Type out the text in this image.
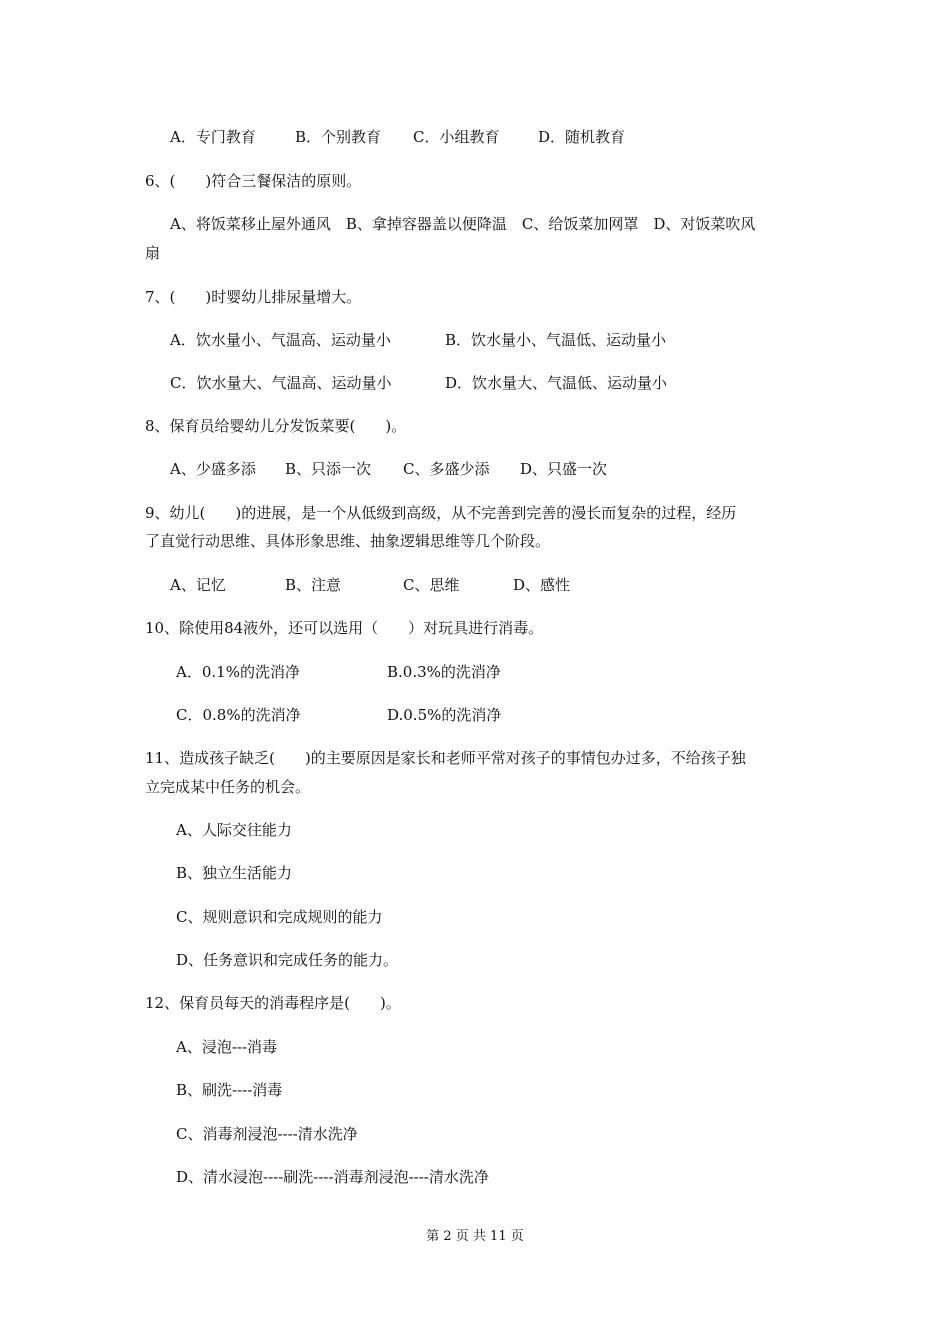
A．专门教育	B．个别教育 C．小组教育	D．随机教育
6、(　　)符合三餐保洁的原则。
A、将饭菜移止屋外通风　B、拿掉容器盖以便降温　C、给饭菜加网罩　D、对饭菜吹风
扇
7、(　　)时婴幼儿排尿量增大。
A．饮水量小、气温高、运动量小	B．饮水量小、气温低、运动量小
C．饮水量大、气温高、运动量小	D．饮水量大、气温低、运动量小
8、保育员给婴幼儿分发饭菜要(　　)。
A、少盛多添 B、只添一次 C、多盛少添 D、只盛一次
9、幼儿(　　)的进展，是一个从低级到高级，从不完善到完善的漫长而复杂的过程，经历
了直觉行动思维、具体形象思维、抽象逻辑思维等几个阶段。
A、记忆	B、注意	C、思维	D、感性
10、除使用84液外，还可以选用（　　）对玩具进行消毒。
A．0.1%的洗消净	B.0.3%的洗消净
C．0.8%的洗消净	D.0.5%的洗消净
11、造成孩子缺乏(　　)的主要原因是家长和老师平常对孩子的事情包办过多，不给孩子独
立完成某中任务的机会。
A、人际交往能力
B、独立生活能力
C、规则意识和完成规则的能力
D、任务意识和完成任务的能力。
12、保育员每天的消毒程序是(　　)。
A、浸泡---消毒
B、刷洗----消毒
C、消毒剂浸泡----清水洗净
D、清水浸泡----刷洗----消毒剂浸泡----清水洗净
第 2 页 共 11 页
